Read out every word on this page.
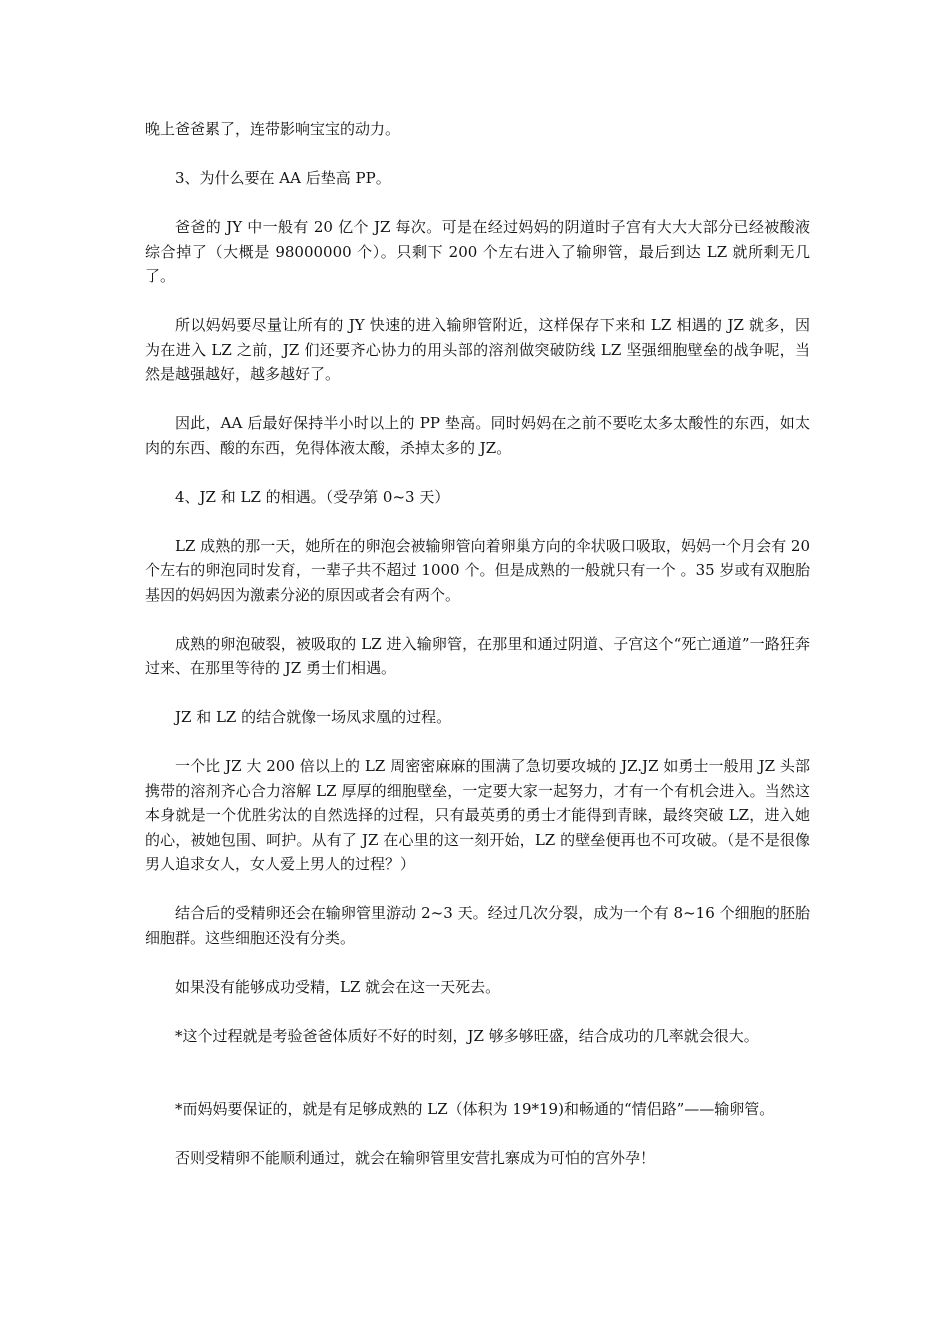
晚上爸爸累了，连带影响宝宝的动力。

3、为什么要在 AA 后垫高 PP。

爸爸的 JY 中一般有 20 亿个 JZ 每次。可是在经过妈妈的阴道时子宫有大大大部分已经被酸液综合掉了（大概是 98000000 个）。只剩下 200 个左右进入了输卵管，最后到达 LZ 就所剩无几了。

所以妈妈要尽量让所有的 JY 快速的进入输卵管附近，这样保存下来和 LZ 相遇的 JZ 就多，因为在进入 LZ 之前，JZ 们还要齐心协力的用头部的溶剂做突破防线 LZ 坚强细胞壁垒的战争呢，当然是越强越好，越多越好了。

因此，AA 后最好保持半小时以上的 PP 垫高。同时妈妈在之前不要吃太多太酸性的东西，如太肉的东西、酸的东西，免得体液太酸，杀掉太多的 JZ。

4、JZ 和 LZ 的相遇。（受孕第 0~3 天）

LZ 成熟的那一天，她所在的卵泡会被输卵管向着卵巢方向的伞状吸口吸取，妈妈一个月会有 20 个左右的卵泡同时发育，一辈子共不超过 1000 个。但是成熟的一般就只有一个 。35 岁或有双胞胎基因的妈妈因为激素分泌的原因或者会有两个。

成熟的卵泡破裂，被吸取的 LZ 进入输卵管，在那里和通过阴道、子宫这个“死亡通道”一路狂奔过来、在那里等待的 JZ 勇士们相遇。

JZ 和 LZ 的结合就像一场凤求凰的过程。

一个比 JZ 大 200 倍以上的 LZ 周密密麻麻的围满了急切要攻城的 JZ.JZ 如勇士一般用 JZ 头部携带的溶剂齐心合力溶解 LZ 厚厚的细胞壁垒，一定要大家一起努力，才有一个有机会进入。当然这本身就是一个优胜劣汰的自然选择的过程，只有最英勇的勇士才能得到青睐，最终突破 LZ，进入她的心，被她包围、呵护。从有了 JZ 在心里的这一刻开始，LZ 的壁垒便再也不可攻破。（是不是很像男人追求女人，女人爱上男人的过程？）

结合后的受精卵还会在输卵管里游动 2~3 天。经过几次分裂，成为一个有 8~16 个细胞的胚胎细胞群。这些细胞还没有分类。

如果没有能够成功受精，LZ 就会在这一天死去。

*这个过程就是考验爸爸体质好不好的时刻，JZ 够多够旺盛，结合成功的几率就会很大。

*而妈妈要保证的，就是有足够成熟的 LZ（体积为 19*19)和畅通的“情侣路”——输卵管。

否则受精卵不能顺利通过，就会在输卵管里安营扎寨成为可怕的宫外孕！
